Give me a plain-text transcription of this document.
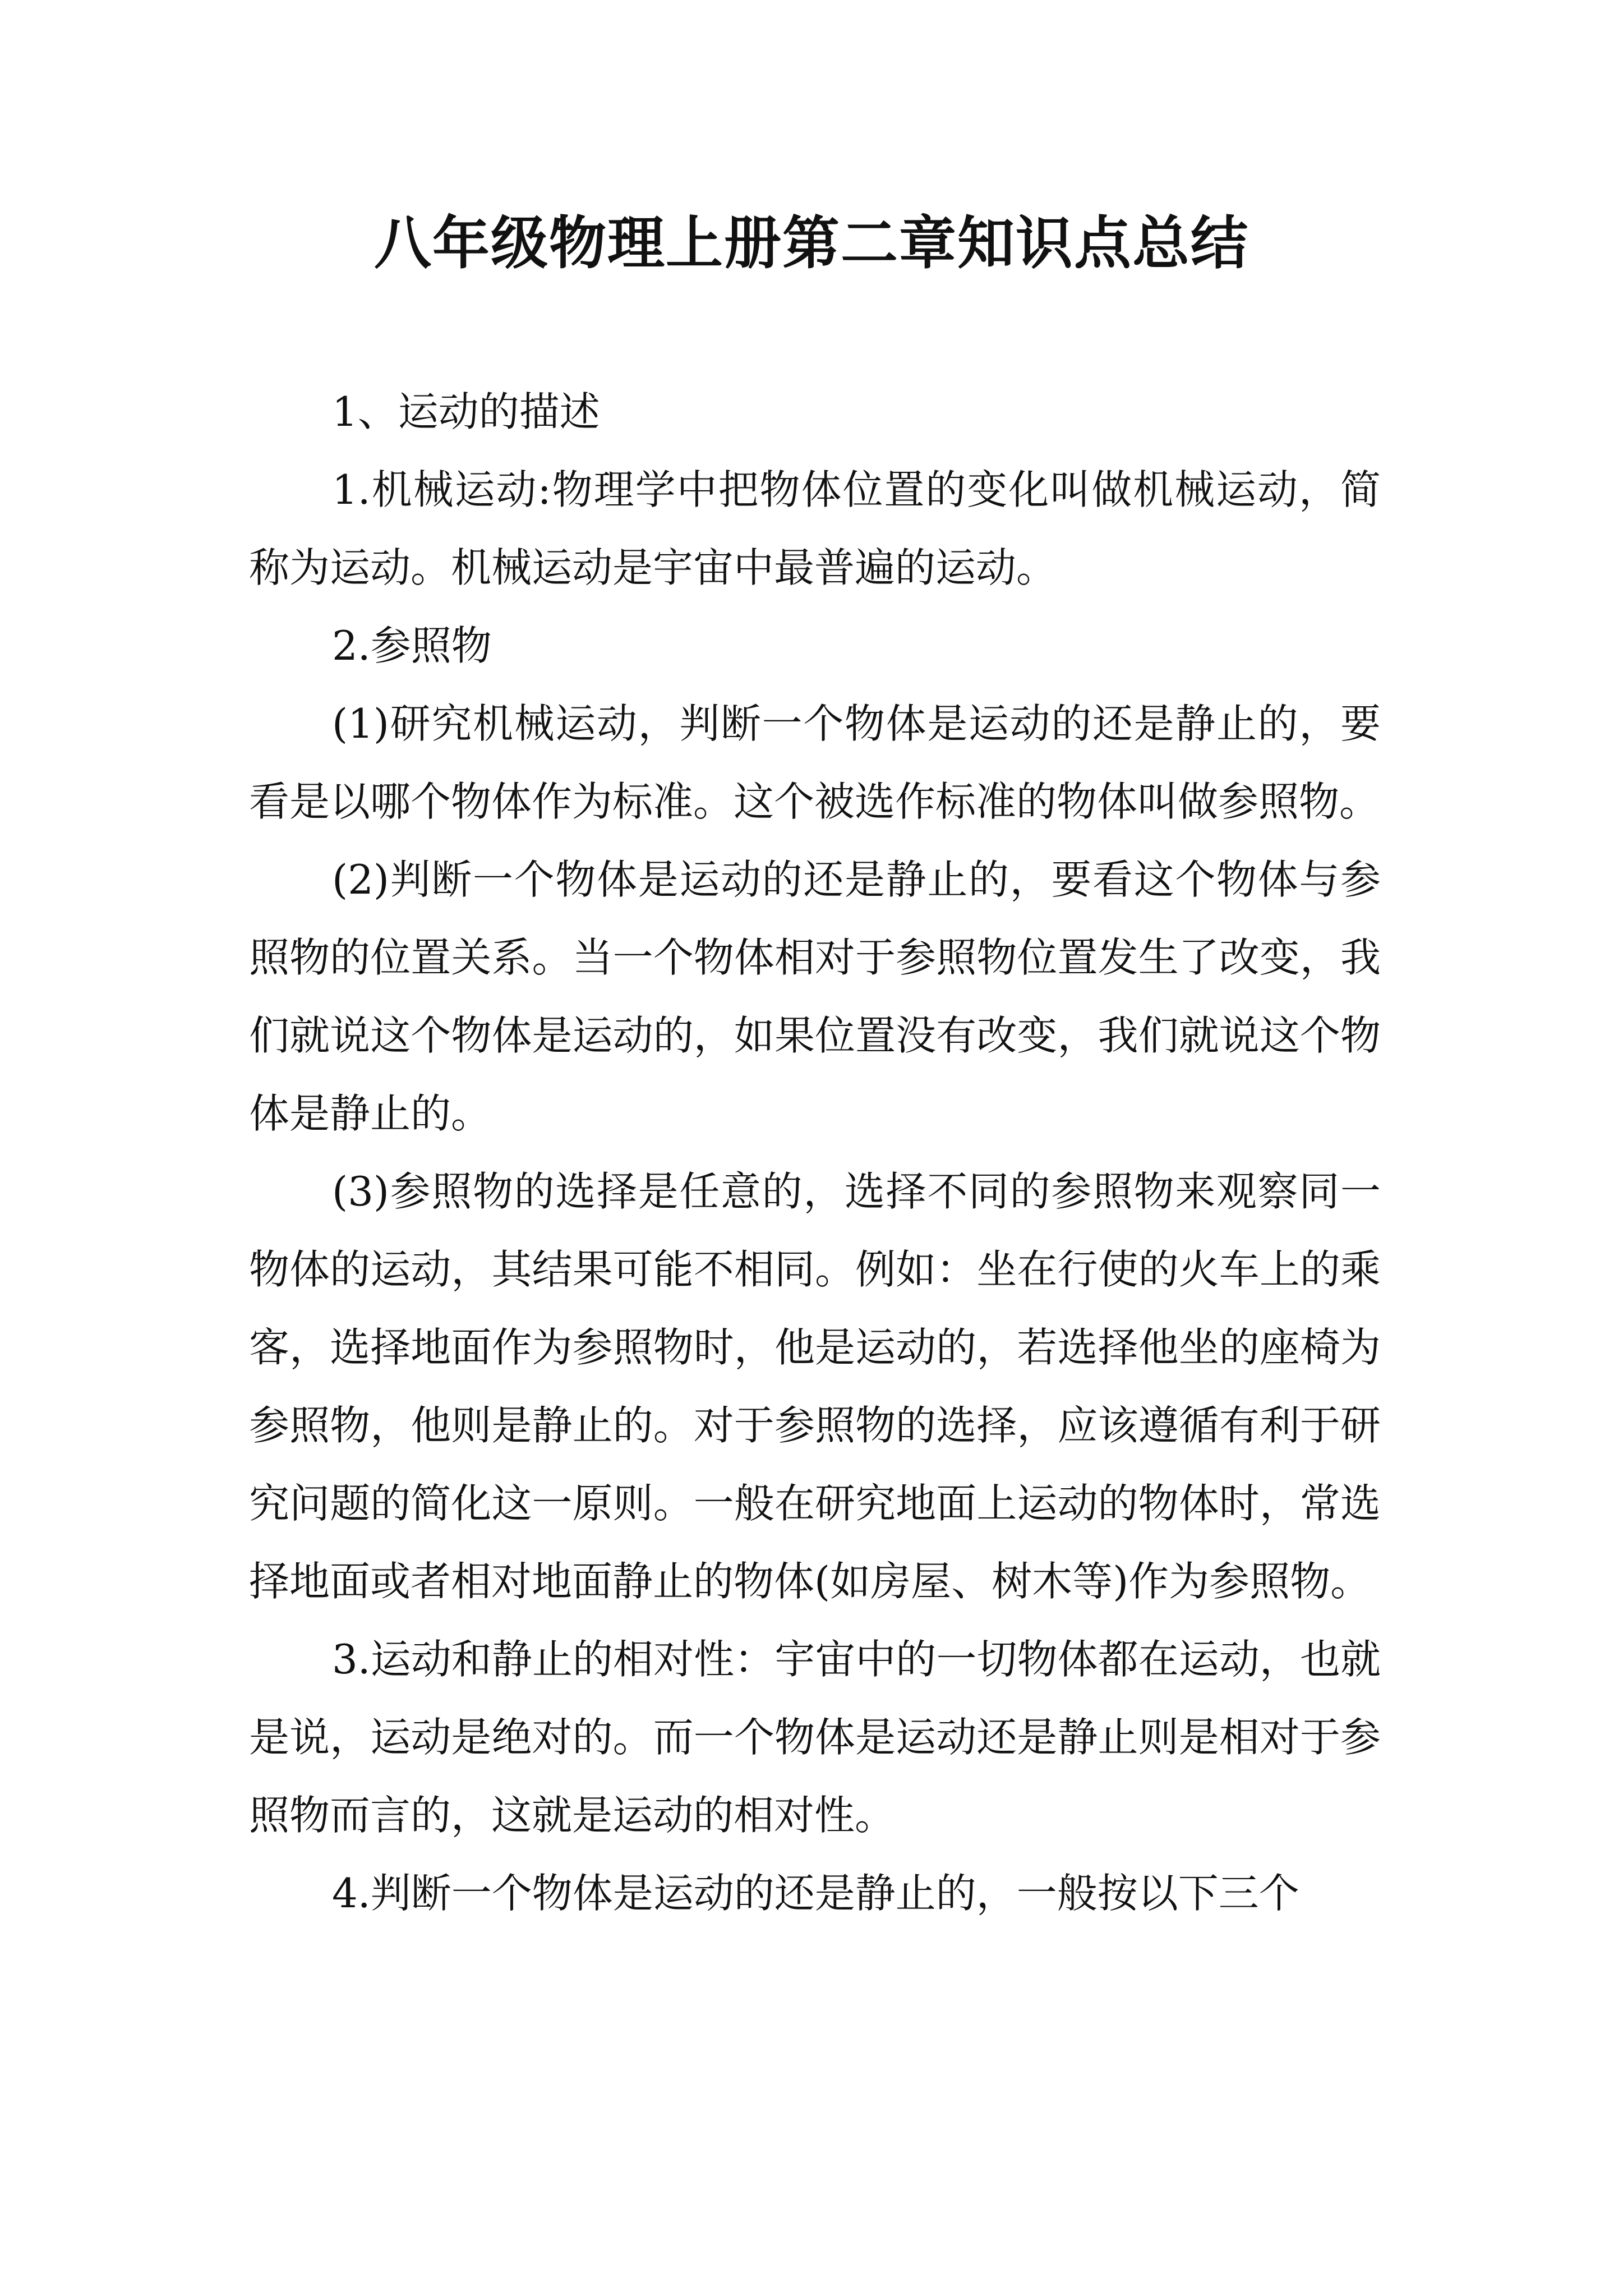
八年级物理上册第二章知识点总结

1、运动的描述

1.机械运动:物理学中把物体位置的变化叫做机械运动，简称为运动。机械运动是宇宙中最普遍的运动。

2.参照物

(1)研究机械运动，判断一个物体是运动的还是静止的，要看是以哪个物体作为标准。这个被选作标准的物体叫做参照物。

(2)判断一个物体是运动的还是静止的，要看这个物体与参照物的位置关系。当一个物体相对于参照物位置发生了改变，我们就说这个物体是运动的，如果位置没有改变，我们就说这个物体是静止的。

(3)参照物的选择是任意的，选择不同的参照物来观察同一物体的运动，其结果可能不相同。例如：坐在行使的火车上的乘客，选择地面作为参照物时，他是运动的，若选择他坐的座椅为参照物，他则是静止的。对于参照物的选择，应该遵循有利于研究问题的简化这一原则。一般在研究地面上运动的物体时，常选择地面或者相对地面静止的物体(如房屋、树木等)作为参照物。

3.运动和静止的相对性：宇宙中的一切物体都在运动，也就是说，运动是绝对的。而一个物体是运动还是静止则是相对于参照物而言的，这就是运动的相对性。

4.判断一个物体是运动的还是静止的，一般按以下三个
